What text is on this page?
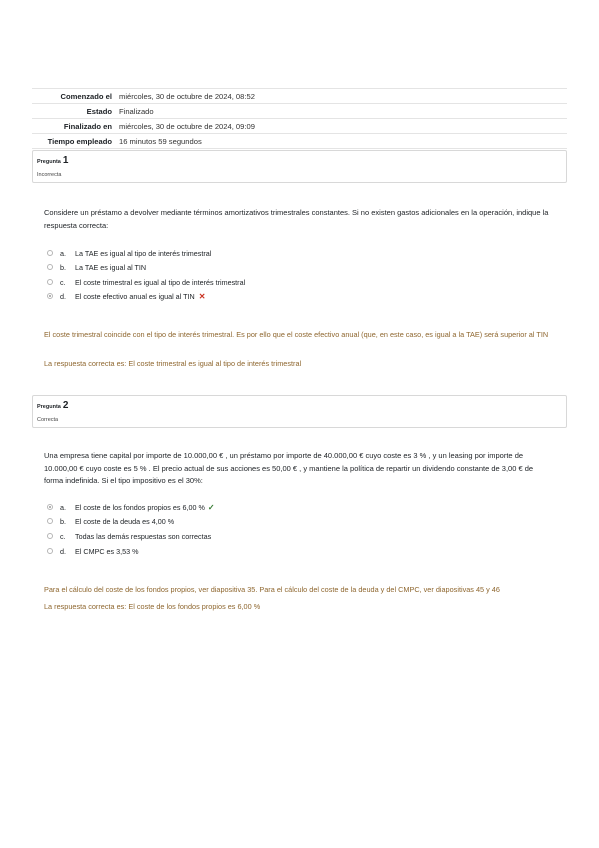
Comenzado el	miércoles, 30 de octubre de 2024, 08:52
Estado	Finalizado
Finalizado en	miércoles, 30 de octubre de 2024, 09:09
Tiempo empleado	16 minutos 59 segundos
Pregunta 1
Incorrecta
Considere un préstamo a devolver mediante términos amortizativos trimestrales constantes. Si no existen gastos adicionales en la operación, indique la respuesta correcta:
a.	La TAE es igual al tipo de interés trimestral
b.	La TAE es igual al TIN
c.	El coste trimestral es igual al tipo de interés trimestral
d.	El coste efectivo anual es igual al TIN ✕
El coste trimestral coincide con el tipo de interés trimestral. Es por ello que el coste efectivo anual (que, en este caso, es igual a la TAE) será superior al TIN
La respuesta correcta es: El coste trimestral es igual al tipo de interés trimestral
Pregunta 2
Correcta
Una empresa tiene capital por importe de 10.000,00 € , un préstamo por importe de 40.000,00 € cuyo coste es 3 % , y un leasing por importe de 10.000,00 € cuyo coste es 5 % . El precio actual de sus acciones es 50,00 € , y mantiene la política de repartir un dividendo constante de 3,00 € de forma indefinida. Si el tipo impositivo es el 30%:
a.	El coste de los fondos propios es 6,00 % ✓
b.	El coste de la deuda es 4,00 %
c.	Todas las demás respuestas son correctas
d.	El CMPC es 3,53 %
Para el cálculo del coste de los fondos propios, ver diapositiva 35. Para el cálculo del coste de la deuda y del CMPC, ver diapositivas 45 y 46
La respuesta correcta es: El coste de los fondos propios es 6,00 %
